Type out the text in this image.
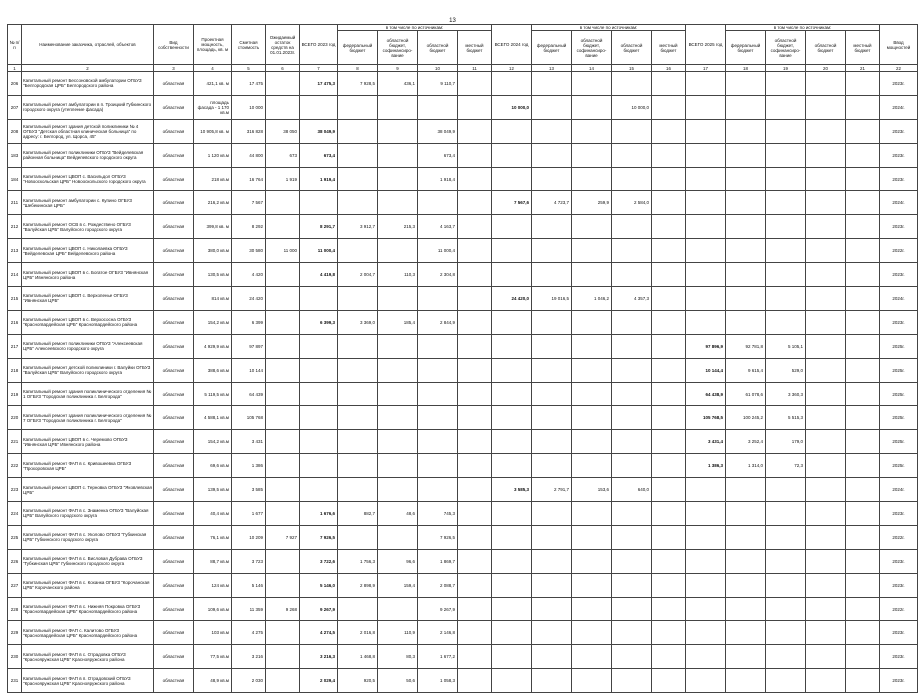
13
№ п/п	Наименование заказчика, отраслей, объектов	Вид собственности	Проектная мощность, площадь, кв. м	Сметная стоимость	Ожидаемый остаток средств на 01.01.2023г.	ВСЕГО 2023 год	в том числе по источникам:				ВСЕГО 2024 год	в том числе по источникам:				ВСЕГО 2025 год	в том числе по источникам:				Ввод мощностей
							федеральный бюджет	областной бюджет, софинансиро-вание	областной бюджет	местный бюджет		федеральный бюджет	областной бюджет, софинансиро-вание	областной бюджет	местный бюджет		федеральный бюджет	областной бюджет, софинансиро-вание	областной бюджет	местный бюджет	
1	2	3	4	5	6	7	8	9	10	11	12	13	14	15	16	17	18	19	20	21	22
206	Капитальный ремонт Бессоновской амбулатории ОГБУЗ "Белгородская ЦРБ" Белгородского района	областная	421,1 кв. м	17 475		17 475,3	7 928,5	436,1	9 110,7												2023г.
207	Капитальный ремонт амбулатории в п. Троицкий Губкинского городского округа (утепление фасада)	областная	площадь фасада - 1 170 кв.м	10 000							10 000,0			10 000,0							2024г.
208	Капитальный ремонт здания детской поликлиники № 4 ОГБУЗ "Детская областная клиническая больница" по адресу: г. Белгород, ул. Щорса, 45"	областная	10 905,8 кв. м	316 828	38 050	38 049,9			38 049,9												2023г.
183	Капитальный ремонт поликлиники ОГБУЗ "Вейделевская районная больница" Вейделевского городского округа	областная	1 120 кв.м	44 800	673	673,4			673,4												2023г.
184	Капитальный ремонт ЦВОП с. Васильдол ОГБУЗ "Новооскольская ЦРБ" Новооскольского городского округа	областная	218 кв.м	16 764	1 919	1 919,4			1 918,4												2023г.
211	Капитальный ремонт амбулатории с. Купино ОГБУЗ "Шебекинская ЦРБ"	областная	216,2 кв.м	7 567							7 567,6	4 723,7	259,9	2 584,0							2024г.
212	Капитальный ремонт ОСВ в с. Рождествено ОГБУЗ "Валуйская ЦРБ" Валуйского городского округа	областная	399,8 кв. м	8 292		8 291,7	3 912,7	215,3	4 163,7												2023г.
213	Капитальный ремонт ЦВОП с. Николаевка ОГБУЗ "Вейделевская ЦРБ" Вейделевского района	областная	380,0 кв.м	30 580	11 000	11 000,4			11 000,4												2022г.
214	Капитальный ремонт ЦВОП в с. Богатое ОГБУЗ "Ивнянская ЦРБ" Ивнянского района	областная	130,5 кв.м	4 420		4 419,8	2 004,7	110,3	2 304,8												2023г.
215	Капитальный ремонт ЦВОП с. Верхопенье ОГБУЗ "Ивнянская ЦРБ"	областная	814 кв.м	24 420							24 420,0	19 016,5	1 046,2	4 357,3							2024г.
216	Капитальный ремонт ЦВОП в с. Верхососна ОГБУЗ "Красногвардейская ЦРБ" Красногвардейского района	областная	154,2 кв.м	6 399		6 399,3	3 369,0	185,4	2 844,9												2023г.
217	Капитальный ремонт поликлиники ОГБУЗ "Алексеевская ЦРБ" Алексеевского городского округа	областная	4 929,9 кв.м	97 897												97 896,9	92 781,8	5 105,1			2025г.
218	Капитальный ремонт детской поликлиники г. Валуйки ОГБУЗ "Валуйская ЦРБ" Валуйского городского округа	областная	388,6 кв.м	10 144												10 144,4	9 615,4	529,0			2025г.
219	Капитальный ремонт здания поликлинического отделения № 1 ОГБУЗ "Городская поликлиника г. Белгорода"	областная	5 119,5 кв.м	64 439												64 438,9	61 078,6	3 360,3			2025г.
220	Капитальный ремонт здания поликлинического отделения № 7 ОГБУЗ "Городская поликлиника г. Белгорода"	областная	4 588,1 кв.м	105 768												105 768,5	100 245,2	5 515,3			2025г.
221	Капитальный ремонт ЦВОП в с. Черемово ОГБУЗ "Ивнянская ЦРБ" Ивнянского района	областная	154,2 кв.м	3 431												3 431,4	3 252,4	179,0			2025г.
222	Капитальный ремонт ФАП в с. Кривошеевка ОГБУЗ "Прохоровская ЦРБ"	областная	69,6 кв.м	1 386												1 386,3	1 314,0	72,3			2025г.
223	Капитальный ремонт ЦВОП с. Терновка ОГБУЗ "Яковлевская ЦРБ"	областная	139,5 кв.м	3 585							3 585,3	2 791,7	153,6	640,0							2024г.
224	Капитальный ремонт ФАП в с. Знаменка ОГБУЗ "Валуйская ЦРБ" Валуйского городского округа	областная	40,4 кв.м	1 677		1 676,6	882,7	48,6	745,3												2023г.
225	Капитальный ремонт ФАП в с. Уколово ОГБУЗ "Губкинская ЦРБ" Губкинского городского округа	областная	76,1 кв.м	10 209	7 927	7 926,5			7 926,5												2022г.
226	Капитальный ремонт ФАП в с. Висловая Дубрава ОГБУЗ "Губкинская ЦРБ" Губкинского городского округа	областная	88,7 кв.м	3 723		3 722,6	1 756,3	96,6	1 869,7												2023г.
227	Капитальный ремонт ФАП в с. Коханка ОГБУЗ "Корочанская ЦРБ" Корочанского района	областная	124 кв.м	5 146		5 146,0	2 898,9	159,4	2 088,7												2023г.
228	Капитальный ремонт ФАП в с. Нижняя Покровка ОГБУЗ "Красногвардейская ЦРБ" Красногвардейского района	областная	109,6 кв.м	11 359	9 268	9 267,9			9 267,9												2022г.
229	Капитальный ремонт ФАП с. Калитово ОГБУЗ "Красногвардейская ЦРБ" Красногвардейского района	областная	103 кв.м	4 275		4 274,5	2 016,8	110,9	2 146,8												2023г.
230	Капитальный ремонт ФАП в с. Отрадовка ОГБУЗ "Краснояружская ЦРБ" Краснояружского района	областная	77,5 кв.м	3 216		3 216,3	1 468,8	80,3	1 677,2												2023г.
231	Капитальный ремонт ФАП в п. Отрадовский ОГБУЗ "Краснояружская ЦРБ" Краснояружского района	областная	48,9 кв.м	2 030		2 029,4	920,5	50,6	1 058,3												2023г.
